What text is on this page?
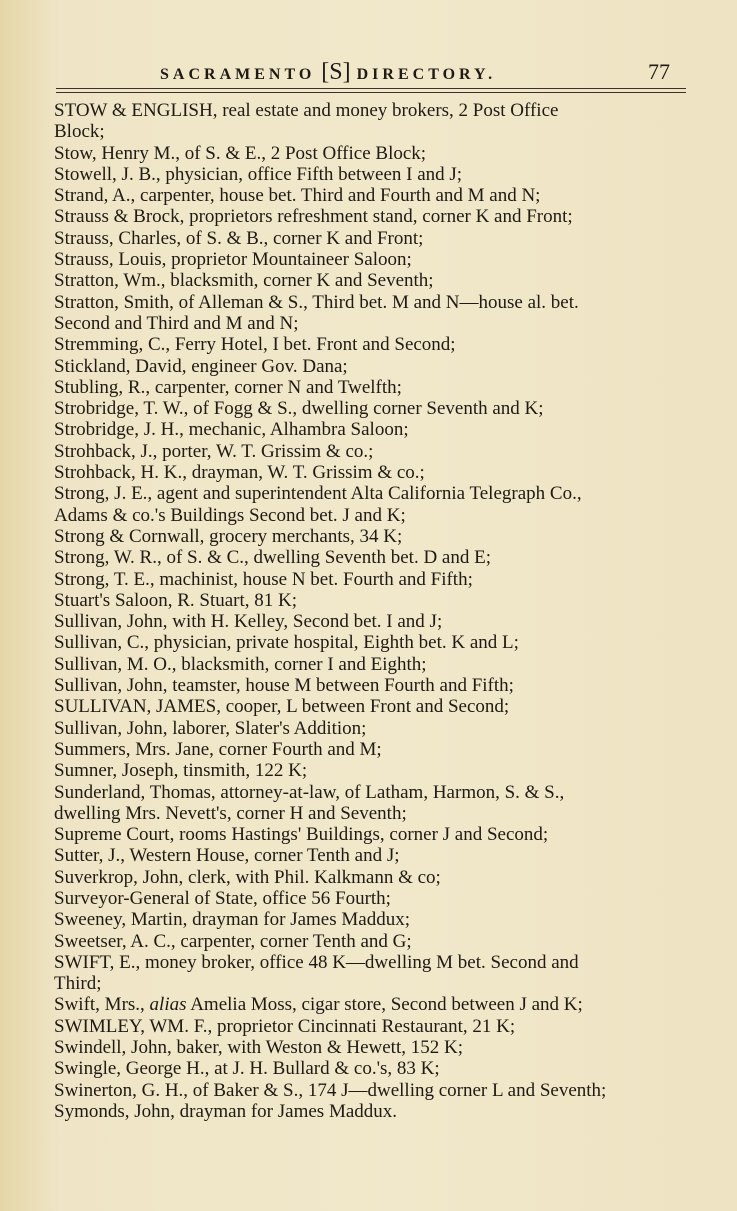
SACRAMENTO [S] DIRECTORY.	77
STOW & ENGLISH, real estate and money brokers, 2 Post Office
Block;
Stow, Henry M., of S. & E., 2 Post Office Block;
Stowell, J. B., physician, office Fifth between I and J;
Strand, A., carpenter, house bet. Third and Fourth and M and N;
Strauss & Brock, proprietors refreshment stand, corner K and Front;
Strauss, Charles, of S. & B., corner K and Front;
Strauss, Louis, proprietor Mountaineer Saloon;
Stratton, Wm., blacksmith, corner K and Seventh;
Stratton, Smith, of Alleman & S., Third bet. M and N—house al. bet.
Second and Third and M and N;
Stremming, C., Ferry Hotel, I bet. Front and Second;
Stickland, David, engineer Gov. Dana;
Stubling, R., carpenter, corner N and Twelfth;
Strobridge, T. W., of Fogg & S., dwelling corner Seventh and K;
Strobridge, J. H., mechanic, Alhambra Saloon;
Strohback, J., porter, W. T. Grissim & co.;
Strohback, H. K., drayman, W. T. Grissim & co.;
Strong, J. E., agent and superintendent Alta California Telegraph Co.,
Adams & co.'s Buildings Second bet. J and K;
Strong & Cornwall, grocery merchants, 34 K;
Strong, W. R., of S. & C., dwelling Seventh bet. D and E;
Strong, T. E., machinist, house N bet. Fourth and Fifth;
Stuart's Saloon, R. Stuart, 81 K;
Sullivan, John, with H. Kelley, Second bet. I and J;
Sullivan, C., physician, private hospital, Eighth bet. K and L;
Sullivan, M. O., blacksmith, corner I and Eighth;
Sullivan, John, teamster, house M between Fourth and Fifth;
SULLIVAN, JAMES, cooper, L between Front and Second;
Sullivan, John, laborer, Slater's Addition;
Summers, Mrs. Jane, corner Fourth and M;
Sumner, Joseph, tinsmith, 122 K;
Sunderland, Thomas, attorney-at-law, of Latham, Harmon, S. & S.,
dwelling Mrs. Nevett's, corner H and Seventh;
Supreme Court, rooms Hastings' Buildings, corner J and Second;
Sutter, J., Western House, corner Tenth and J;
Suverkrop, John, clerk, with Phil. Kalkmann & co;
Surveyor-General of State, office 56 Fourth;
Sweeney, Martin, drayman for James Maddux;
Sweetser, A. C., carpenter, corner Tenth and G;
SWIFT, E., money broker, office 48 K—dwelling M bet. Second and
Third;
Swift, Mrs., alias Amelia Moss, cigar store, Second between J and K;
SWIMLEY, WM. F., proprietor Cincinnati Restaurant, 21 K;
Swindell, John, baker, with Weston & Hewett, 152 K;
Swingle, George H., at J. H. Bullard & co.'s, 83 K;
Swinerton, G. H., of Baker & S., 174 J—dwelling corner L and Seventh;
Symonds, John, drayman for James Maddux.
